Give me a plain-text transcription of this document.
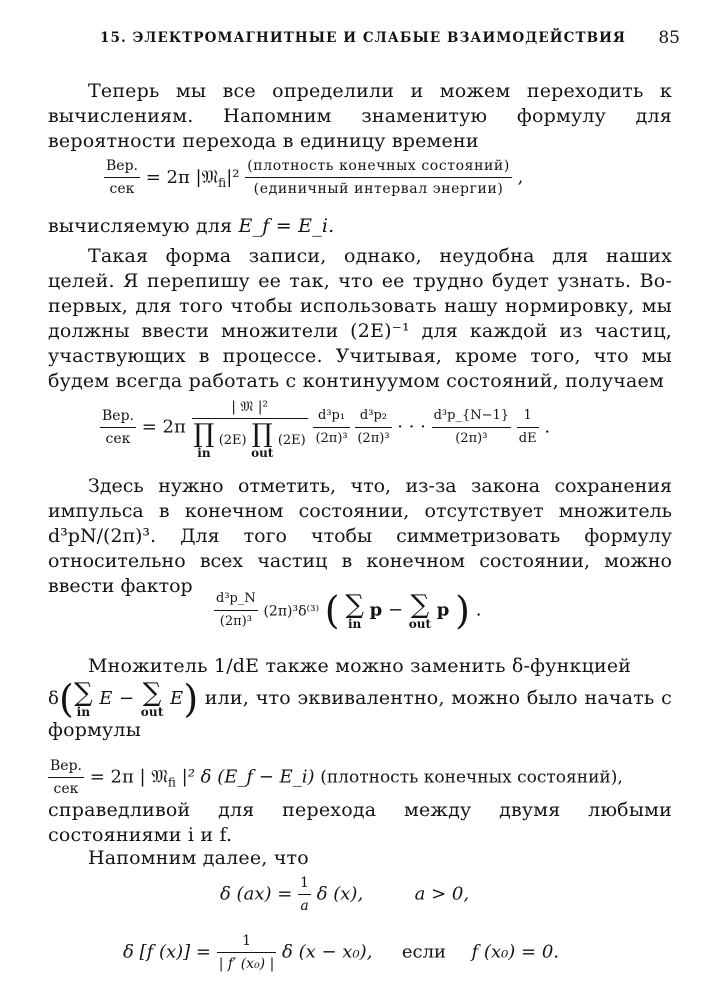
15. ЭЛЕКТРОМАГНИТНЫЕ И СЛАБЫЕ ВЗАИМОДЕЙСТВИЯ 85
Теперь мы все определили и можем переходить к вычислениям. Напомним знаменитую формулу для вероятности перехода в единицу времени
$\frac{\text{Вер.}}{\text{сек}} = 2\pi$ |𝔐$_{fi}$|² $\frac{\text{(плотность конечных состояний)}}{\text{(единичный интервал энергии)}}$ ,
вычисляемую для E_f = E_i.
Такая форма записи, однако, неудобна для наших целей. Я перепишу ее так, что ее трудно будет узнать. Во-первых, для того чтобы использовать нашу нормировку, мы должны ввести множители (2E)⁻¹ для каждой из частиц, участвующих в процессе. Учитывая, кроме того, что мы будем всегда работать с континуумом состояний, получаем
$\frac{\text{Вер.}}{\text{сек}} = 2\pi$ | 𝔐 |²
∏
in
(2E) ∏
out
(2E)
$\frac{\text{d³p₁}}{\text{(2π)³}}$
$\frac{\text{d³p₂}}{\text{(2π)³}}$ · · · $\frac{\text{d³p\_\{N−1\}}}{\text{(2π)³}}$
$\frac{1}{dE}$ .
Здесь нужно отметить, что, из-за закона сохранения импульса в конечном состоянии, отсутствует множитель d³pN/(2π)³. Для того чтобы симметризовать формулу относительно всех частиц в конечном состоянии, можно ввести фактор
$\frac{\text{d³p\_N}}{\text{(2π)³}} (2\pi)^3\delta^{(3)}$ ( ∑
in
p − ∑
out
p ) .
Множитель 1/dE также можно заменить δ-функцией
δ( ∑
in
E − ∑
out
E) или, что эквивалентно, можно было начать с формулы
$\frac{\text{Вер.}}{\text{сек}} = 2\pi$ | 𝔐$_{fi}$ |² δ (E_f − E_i) (плотность конечных состояний),
справедливой для перехода между двумя любыми состояниями i и f.
Напомним далее, что
δ $(ax) = \frac{1}{a}$ δ (x),	a > 0,
δ [f $(x)] = \frac{1}{\text{| f′ (x₀) |}}$ δ (x − x₀), если f (x₀) = 0.
